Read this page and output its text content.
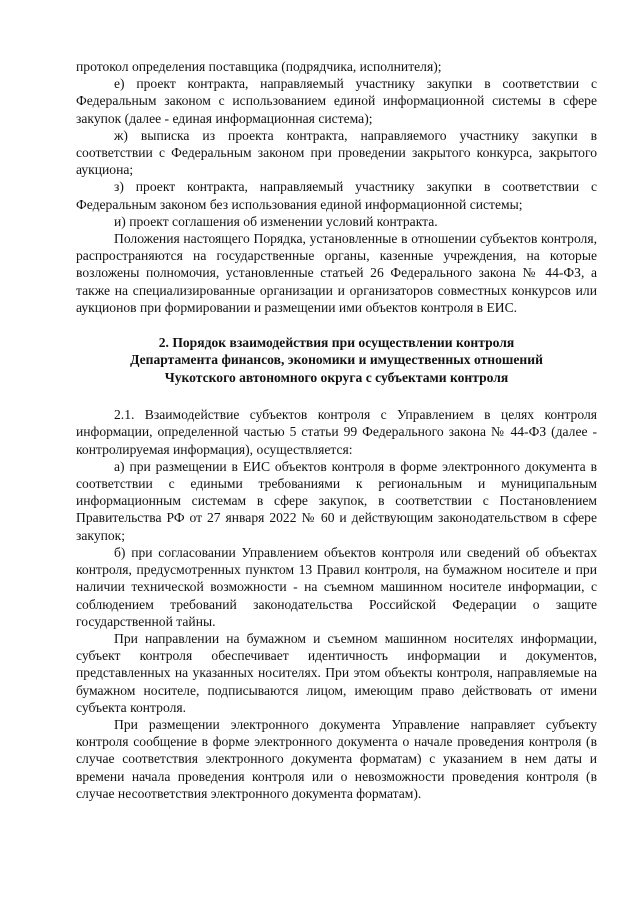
протокол определения поставщика (подрядчика, исполнителя);

е) проект контракта, направляемый участнику закупки в соответствии с Федеральным законом с использованием единой информационной системы в сфере закупок (далее - единая информационная система);

ж) выписка из проекта контракта, направляемого участнику закупки в соответствии с Федеральным законом при проведении закрытого конкурса, закрытого аукциона;

з) проект контракта, направляемый участнику закупки в соответствии с Федеральным законом без использования единой информационной системы;

и) проект соглашения об изменении условий контракта.

Положения настоящего Порядка, установленные в отношении субъектов контроля, распространяются на государственные органы, казенные учреждения, на которые возложены полномочия, установленные статьей 26 Федерального закона № 44-ФЗ, а также на специализированные организации и организаторов совместных конкурсов или аукционов при формировании и размещении ими объектов контроля в ЕИС.

2. Порядок взаимодействия при осуществлении контроля
Департамента финансов, экономики и имущественных отношений
Чукотского автономного округа с субъектами контроля

2.1. Взаимодействие субъектов контроля с Управлением в целях контроля информации, определенной частью 5 статьи 99 Федерального закона № 44-ФЗ (далее - контролируемая информация), осуществляется:

а) при размещении в ЕИС объектов контроля в форме электронного документа в соответствии с едиными требованиями к региональным и муниципальным информационным системам в сфере закупок, в соответствии с Постановлением Правительства РФ от 27 января 2022 № 60 и действующим законодательством в сфере закупок;

б) при согласовании Управлением объектов контроля или сведений об объектах контроля, предусмотренных пунктом 13 Правил контроля, на бумажном носителе и при наличии технической возможности - на съемном машинном носителе информации, с соблюдением требований законодательства Российской Федерации о защите государственной тайны.

При направлении на бумажном и съемном машинном носителях информации, субъект контроля обеспечивает идентичность информации и документов, представленных на указанных носителях. При этом объекты контроля, направляемые на бумажном носителе, подписываются лицом, имеющим право действовать от имени субъекта контроля.

При размещении электронного документа Управление направляет субъекту контроля сообщение в форме электронного документа о начале проведения контроля (в случае соответствия электронного документа форматам) с указанием в нем даты и времени начала проведения контроля или о невозможности проведения контроля (в случае несоответствия электронного документа форматам).
